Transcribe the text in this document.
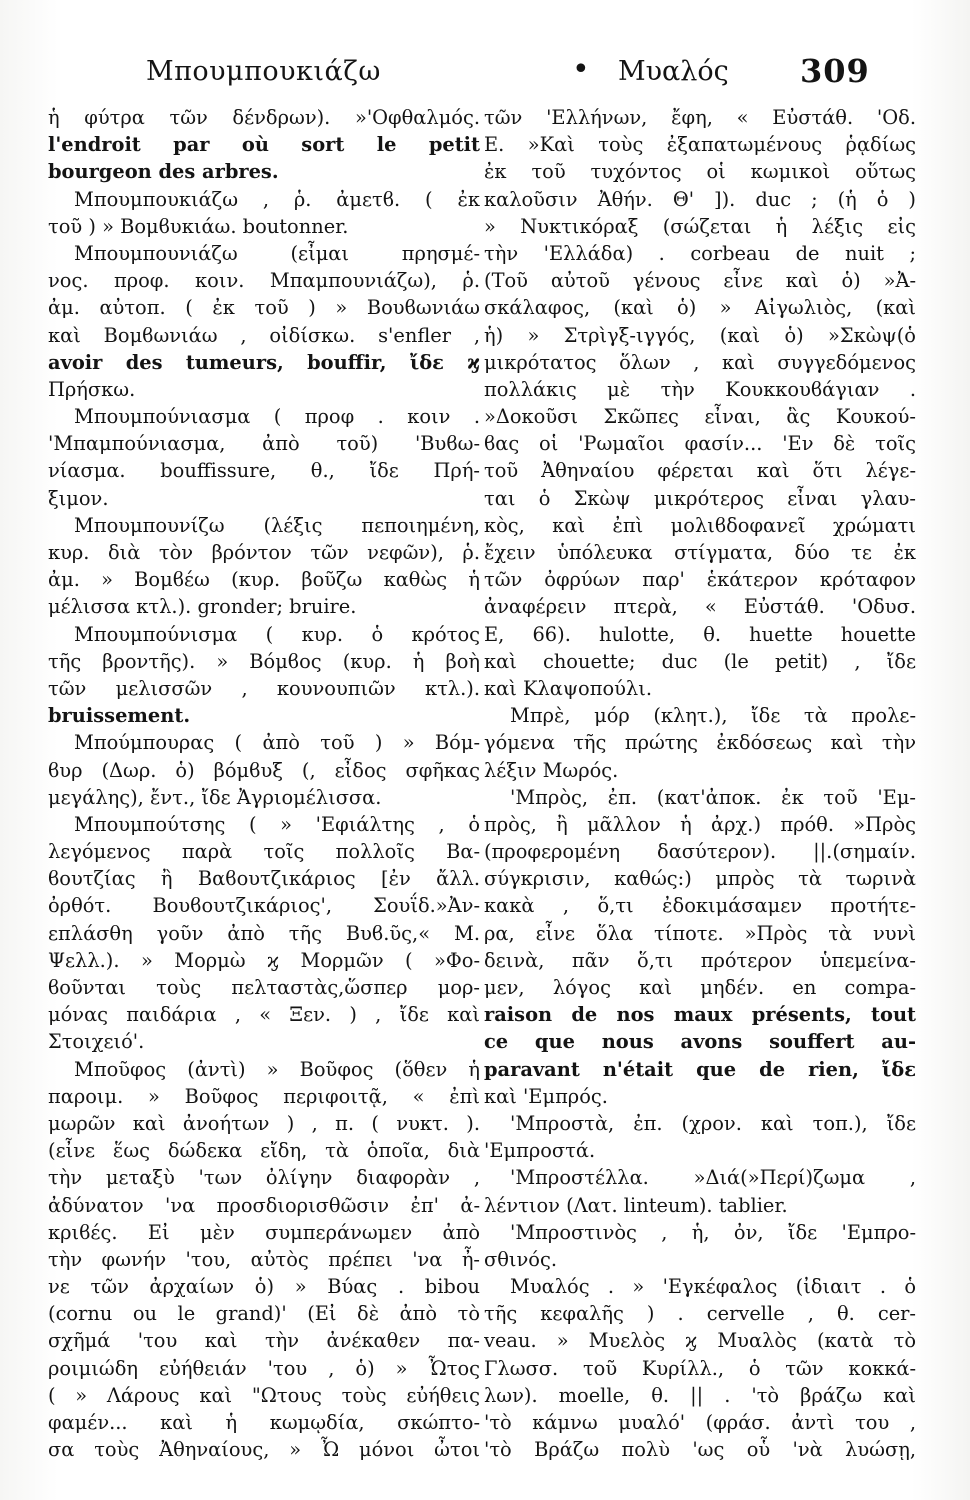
Μπουμπουκιάζω	• Μυαλός 309
ἡ φύτρα τῶν δένδρων). »'Οφθαλμός.
l'endroit par où sort le petit
bourgeon des arbres.
Μπουμπουκιάζω , ῥ. ἀμετϐ. ( ἐκ
τοῦ ) » Βομϐυκιάω. boutonner.
Μπουμπουνιάζω (εἶμαι πρησμέ-
νος. προφ. κοιν. Μπαμπουνιάζω), ῥ.
ἀμ. αὐτοπ. ( ἐκ τοῦ ) » Βουϐωνιάω
καὶ Βομϐωνιάω , οἰδίσκω. s'enfler ,
avoir des tumeurs, bouffir, ἴδε ϗ
Πρήσκω.
Μπουμπούνιασμα ( προφ . κοιν .
'Μπαμπούνιασμα, ἀπὸ τοῦ) 'Βυϐω-
νίασμα. bouffissure, θ., ἴδε Πρή-
ξιμον.
Μπουμπουνίζω (λέξις πεποιημένη,
κυρ. διὰ τὸν βρόντον τῶν νεφῶν), ῥ.
ἀμ. » Βομϐέω (κυρ. βοῦζω καθὼς ἡ
μέλισσα κτλ.). gronder; bruire.
Μπουμπούνισμα ( κυρ. ὁ κρότος
τῆς βροντῆς). » Βόμϐος (κυρ. ἡ βοὴ
τῶν μελισσῶν , κουνουπιῶν κτλ.).
bruissement.
Μπούμπουρας ( ἀπὸ τοῦ ) » Βόμ-
ϐυρ (Δωρ. ὁ) βόμϐυξ (, εἶδος σφῆκας
μεγάλης), ἔντ., ἴδε Ἀγριομέλισσα.
Μπουμπούτσης ( » 'Εφιάλτης , ὁ
λεγόμενος παρὰ τοῖς πολλοῖς Βα-
ϐουτζίας ἢ Βαϐουτζικάριος [ἐν ἄλλ.
ὀρθότ. Βουϐουτζικάριος', Σουΐδ.»Ἀν-
επλάσθη γοῦν ἀπὸ τῆς Βυϐ.ῦς,« Μ.
Ψελλ.). » Μορμὼ ϗ Μορμῶν ( »Φο-
ϐοῦνται τοὺς πελταστὰς,ὥσπερ μορ-
μόνας παιδάρια , « Ξεν. ) , ἴδε καὶ
Στοιχειό'.
Μποῦφος (ἀντὶ) » Βοῦφος (ὅθεν ἡ
παροιμ. » Βοῦφος περιφοιτᾷ, « ἐπὶ
μωρῶν καὶ ἀνοήτων ) , π. ( νυκτ. ).
(εἶνε ἕως δώδεκα εἴδη, τὰ ὁποῖα, διὰ
τὴν μεταξὺ 'των ὀλίγην διαφορὰν ,
ἀδύνατον 'να προσδιορισθῶσιν ἐπ' ἀ-
κριϐές. Εἰ μὲν συμπεράνωμεν ἀπὸ
τὴν φωνήν 'του, αὐτὸς πρέπει 'να ἦ-
νε τῶν ἀρχαίων ὁ) » Βύας . bibou
(cornu ou le grand)' (Εἰ δὲ ἀπὸ τὸ
σχῆμά 'του καὶ τὴν ἀνέκαθεν πα-
ροιμιώδη εὐήθειάν 'του , ὁ) » Ὦτος
( » Λάρους καὶ "Ωτους τοὺς εὐήθεις
φαμέν... καὶ ἡ κωμῳδία, σκώπτο-
σα τοὺς Ἀθηναίους, » Ὦ μόνοι ὦτοι
τῶν 'Ελλήνων, ἔφη, « Εὐστάθ. 'Οδ.
Ε. »Καὶ τοὺς ἐξαπατωμένους ῥᾳδίως
ἐκ τοῦ τυχόντος οἱ κωμικοὶ οὕτως
καλοῦσιν Ἀθήν. Θ' ]). duc ; (ἡ ὁ )
» Νυκτικόραξ (σώζεται ἡ λέξις εἰς
τὴν 'Ελλάδα) . corbeau de nuit ;
(Τοῦ αὐτοῦ γένους εἶνε καὶ ὁ) »Ἀ-
σκάλαφος, (καὶ ὁ) » Αἰγωλιὸς, (καὶ
ἡ) » Στρὶγξ-ιγγός, (καὶ ὁ) »Σκὼψ(ὁ
μικρότατος ὅλων , καὶ συγγεδόμενος
πολλάκις μὲ τὴν Κουκκουϐάγιαν .
»Δοκοῦσι Σκῶπες εἶναι, ἃς Κουκού-
ϐας οἱ 'Ρωμαῖοι φασίν... 'Εν δὲ τοῖς
τοῦ Ἀθηναίου φέρεται καὶ ὅτι λέγε-
ται ὁ Σκὼψ μικρότερος εἶναι γλαυ-
κὸς, καὶ ἐπὶ μολιϐδοφανεῖ χρώματι
ἔχειν ὑπόλευκα στίγματα, δύο τε ἐκ
τῶν ὀφρύων παρ' ἑκάτερον κρόταφον
ἀναφέρειν πτερὰ, « Εὐστάθ. 'Οδυσ.
Ε, 66). hulotte, θ. huette houette
καὶ chouette; duc (le petit) , ἴδε
καὶ Κλαψοπούλι.
Μπρὲ, μόρ (κλητ.), ἴδε τὰ προλε-
γόμενα τῆς πρώτης ἐκδόσεως καὶ τὴν
λέξιν Μωρός.
'Μπρὸς, ἐπ. (κατ'ἀποκ. ἐκ τοῦ 'Εμ-
πρὸς, ἢ μᾶλλον ἡ ἀρχ.) πρόθ. »Πρὸς
(προφερομένη δασύτερον). ||.(σημαίν.
σύγκρισιν, καθώς:) μπρὸς τὰ τωρινὰ
κακὰ , ὅ,τι ἐδοκιμάσαμεν προτήτε-
ρα, εἶνε ὅλα τίποτε. »Πρὸς τὰ νυνὶ
δεινὰ, πᾶν ὅ,τι πρότερον ὑπεμείνα-
μεν, λόγος καὶ μηδέν. en compa-
raison de nos maux présents, tout
ce que nous avons souffert au-
paravant n'était que de rien, ἴδε
καὶ 'Εμπρός.
'Μπροστὰ, ἐπ. (χρον. καὶ τοπ.), ἴδε
'Εμπροστά.
'Μπροστέλλα. »Διά(»Περί)ζωμα ,
λέντιον (Λατ. linteum). tablier.
'Μπροστινὸς , ἡ, ὀν, ἴδε 'Εμπρο-
σθινός.
Μυαλός . » 'Εγκέφαλος (ἰδιαιτ . ὁ
τῆς κεφαλῆς ) . cervelle , θ. cer-
veau. » Μυελὸς ϗ Μυαλὸς (κατὰ τὸ
Γλωσσ. τοῦ Κυρίλλ., ὁ τῶν κοκκά-
λων). moelle, θ. || . 'τὸ βράζω καὶ
'τὸ κάμνω μυαλό' (φράσ. ἀντὶ του ,
'τὸ Βράζω πολὺ 'ως οὗ 'νὰ λυώσῃ,
